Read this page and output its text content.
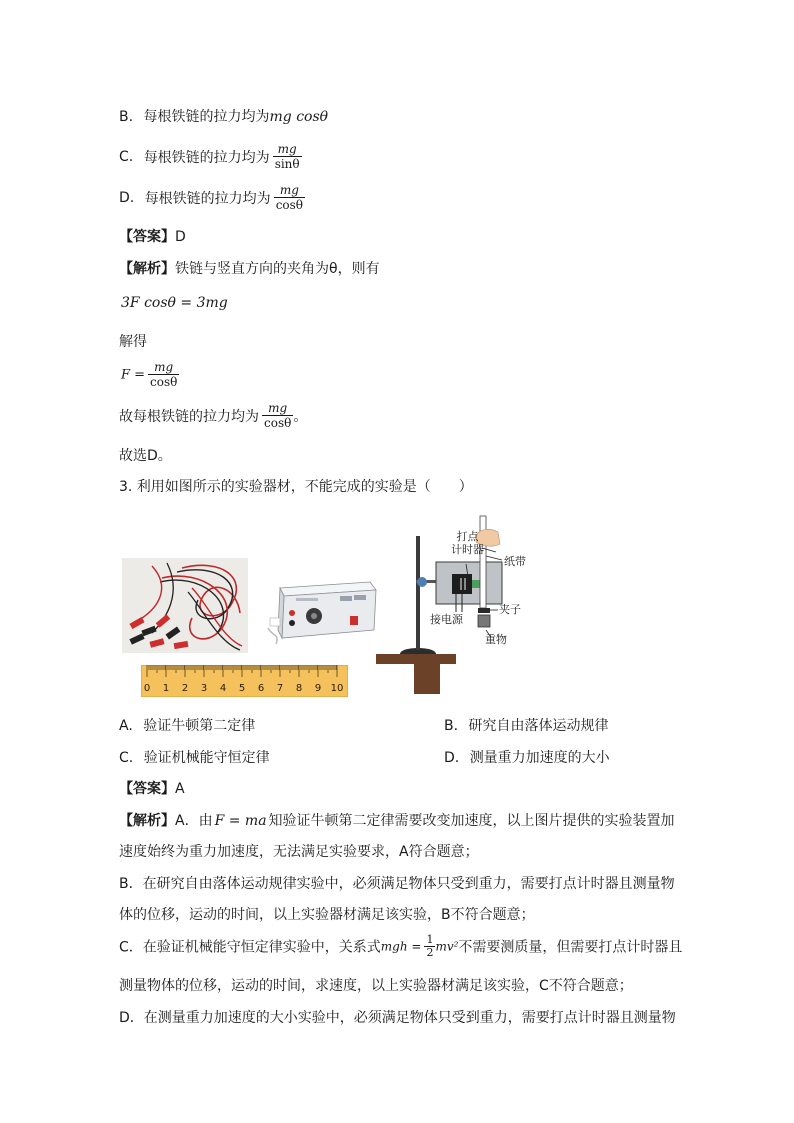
B. 每根铁链的拉力均为mg cosθ
C. 每根铁链的拉力均为 $\frac{mg}{\sin\theta}$
D. 每根铁链的拉力均为 $\frac{mg}{\cos\theta}$
【答案】D
【解析】铁链与竖直方向的夹角为θ，则有
3F cosθ = 3mg
解得
$F = \frac{mg}{\cos\theta}$
故每根铁链的拉力均为 $\frac{mg}{\cos\theta}$ 。
故选D。
3. 利用如图所示的实验器材，不能完成的实验是（　　）
0 1 2 3 4 5 6 7 8 9 10
打点
计时器
纸带
接电源
夹子
重物
A. 验证牛顿第二定律	B. 研究自由落体运动规律
C. 验证机械能守恒定律	D. 测量重力加速度的大小
【答案】A
【解析】A．由 F = ma 知验证牛顿第二定律需要改变加速度，以上图片提供的实验装置加
速度始终为重力加速度，无法满足实验要求，A符合题意；
B．在研究自由落体运动规律实验中，必须满足物体只受到重力，需要打点计时器且测量物
体的位移，运动的时间，以上实验器材满足该实验，B不符合题意；
C．在验证机械能守恒定律实验中，关系式mgh = $\frac{1}{2} mv^2$不需要测质量，但需要打点计时器且
测量物体的位移，运动的时间，求速度，以上实验器材满足该实验，C不符合题意；
D．在测量重力加速度的大小实验中，必须满足物体只受到重力，需要打点计时器且测量物
